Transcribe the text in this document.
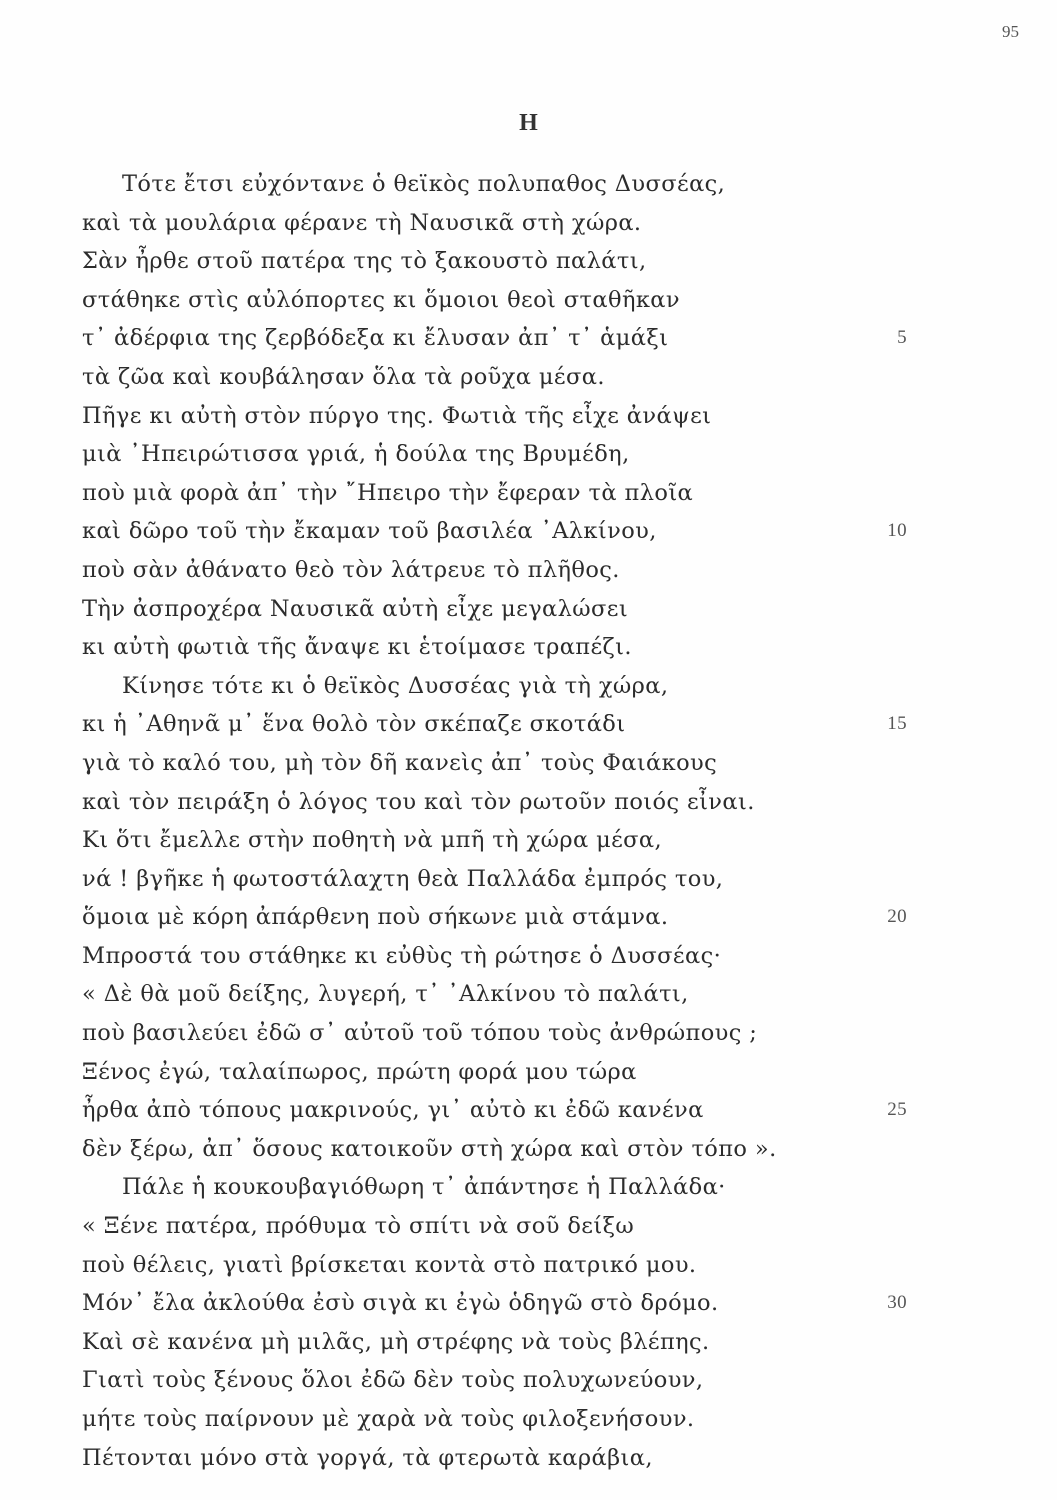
95
Η
Τότε ἔτσι εὐχόντανε ὁ θεϊκὸς πολυπαθος Δυσσέας,
καὶ τὰ μουλάρια φέρανε τὴ Ναυσικᾶ στὴ χώρα.
Σὰν ἦρθε στοῦ πατέρα της τὸ ξακουστὸ παλάτι,
στάθηκε στὶς αὐλόπορτες κι ὅμοιοι θεοὶ σταθῆκαν
τ᾽ ἀδέρφια της ζερβόδεξα κι ἔλυσαν ἀπ᾽ τ᾽ ἁμάξι	5
τὰ ζῶα καὶ κουβάλησαν ὅλα τὰ ροῦχα μέσα.
Πῆγε κι αὐτὴ στὸν πύργο της. Φωτιὰ τῆς εἶχε ἀνάψει
μιὰ ᾽Ηπειρώτισσα γριά, ἡ δούλα της Βρυμέδη,
ποὺ μιὰ φορὰ ἀπ᾽ τὴν ῎Ηπειρο τὴν ἔφεραν τὰ πλοῖα
καὶ δῶρο τοῦ τὴν ἔκαμαν τοῦ βασιλέα ᾽Αλκίνου,	10
ποὺ σὰν ἀθάνατο θεὸ τὸν λάτρευε τὸ πλῆθος.
Τὴν ἀσπροχέρα Ναυσικᾶ αὐτὴ εἶχε μεγαλώσει
κι αὐτὴ φωτιὰ τῆς ἄναψε κι ἑτοίμασε τραπέζι.
Κίνησε τότε κι ὁ θεϊκὸς Δυσσέας γιὰ τὴ χώρα,
κι ἡ ᾽Αθηνᾶ μ᾽ ἕνα θολὸ τὸν σκέπαζε σκοτάδι	15
γιὰ τὸ καλό του, μὴ τὸν δῆ κανεὶς ἀπ᾽ τοὺς Φαιάκους
καὶ τὸν πειράξη ὁ λόγος του καὶ τὸν ρωτοῦν ποιός εἶναι.
Κι ὅτι ἔμελλε στὴν ποθητὴ νὰ μπῆ τὴ χώρα μέσα,
νά ! βγῆκε ἡ φωτοστάλαχτη θεὰ Παλλάδα ἐμπρός του,
ὅμοια μὲ κόρη ἀπάρθενη ποὺ σήκωνε μιὰ στάμνα.	20
Μπροστά του στάθηκε κι εὐθὺς τὴ ρώτησε ὁ Δυσσέας·
« Δὲ θὰ μοῦ δείξης, λυγερή, τ᾽ ᾽Αλκίνου τὸ παλάτι,
ποὺ βασιλεύει ἐδῶ σ᾽ αὐτοῦ τοῦ τόπου τοὺς ἀνθρώπους ;
Ξένος ἐγώ, ταλαίπωρος, πρώτη φορά μου τώρα
ἦρθα ἀπὸ τόπους μακρινούς, γι᾽ αὐτὸ κι ἐδῶ κανένα	25
δὲν ξέρω, ἀπ᾽ ὅσους κατοικοῦν στὴ χώρα καὶ στὸν τόπο ».
Πάλε ἡ κουκουβαγιόθωρη τ᾽ ἀπάντησε ἡ Παλλάδα·
« Ξένε πατέρα, πρόθυμα τὸ σπίτι νὰ σοῦ δείξω
ποὺ θέλεις, γιατὶ βρίσκεται κοντὰ στὸ πατρικό μου.
Μόν᾽ ἔλα ἀκλούθα ἐσὺ σιγὰ κι ἐγὼ ὁδηγῶ στὸ δρόμο.	30
Καὶ σὲ κανένα μὴ μιλᾶς, μὴ στρέφης νὰ τοὺς βλέπης.
Γιατὶ τοὺς ξένους ὅλοι ἐδῶ δὲν τοὺς πολυχωνεύουν,
μήτε τοὺς παίρνουν μὲ χαρὰ νὰ τοὺς φιλοξενήσουν.
Πέτονται μόνο στὰ γοργά, τὰ φτερωτὰ καράβια,
